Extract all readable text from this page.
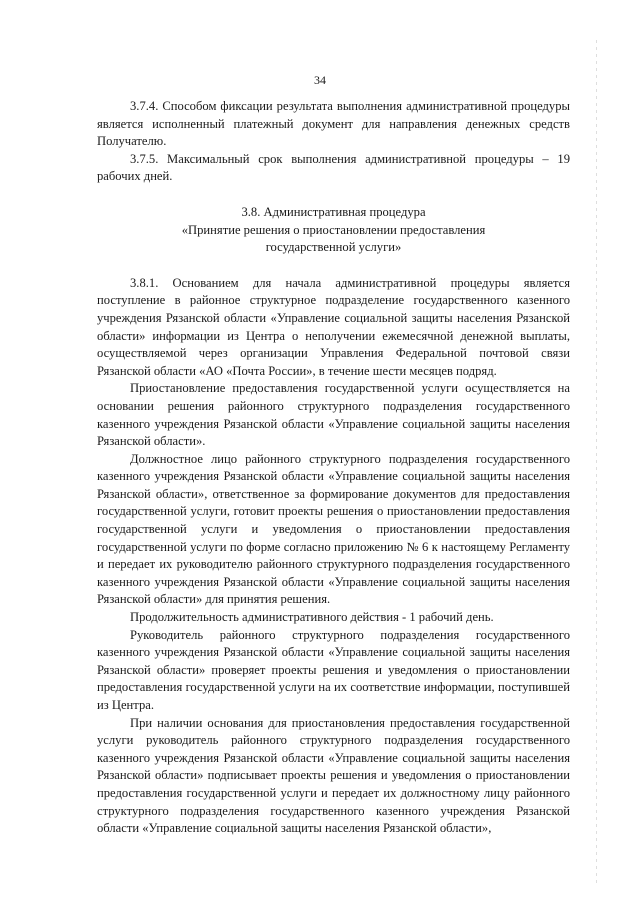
34

3.7.4. Способом фиксации результата выполнения административной процедуры является исполненный платежный документ для направления денежных средств Получателю.

3.7.5. Максимальный срок выполнения административной процедуры – 19 рабочих дней.

3.8. Административная процедура
«Принятие решения о приостановлении предоставления
государственной услуги»

3.8.1. Основанием для начала административной процедуры является поступление в районное структурное подразделение государственного казенного учреждения Рязанской области «Управление социальной защиты населения Рязанской области» информации из Центра о неполучении ежемесячной денежной выплаты, осуществляемой через организации Управления Федеральной почтовой связи Рязанской области «АО «Почта России», в течение шести месяцев подряд.

Приостановление предоставления государственной услуги осуществляется на основании решения районного структурного подразделения государственного казенного учреждения Рязанской области «Управление социальной защиты населения Рязанской области».

Должностное лицо районного структурного подразделения государственного казенного учреждения Рязанской области «Управление социальной защиты населения Рязанской области», ответственное за формирование документов для предоставления государственной услуги, готовит проекты решения о приостановлении предоставления государственной услуги и уведомления о приостановлении предоставления государственной услуги по форме согласно приложению № 6 к настоящему Регламенту и передает их руководителю районного структурного подразделения государственного казенного учреждения Рязанской области «Управление социальной защиты населения Рязанской области» для принятия решения.

Продолжительность административного действия - 1 рабочий день.

Руководитель районного структурного подразделения государственного казенного учреждения Рязанской области «Управление социальной защиты населения Рязанской области» проверяет проекты решения и уведомления о приостановлении предоставления государственной услуги на их соответствие информации, поступившей из Центра.

При наличии основания для приостановления предоставления государственной услуги руководитель районного структурного подразделения государственного казенного учреждения Рязанской области «Управление социальной защиты населения Рязанской области» подписывает проекты решения и уведомления о приостановлении предоставления государственной услуги и передает их должностному лицу районного структурного подразделения государственного казенного учреждения Рязанской области «Управление социальной защиты населения Рязанской области»,
